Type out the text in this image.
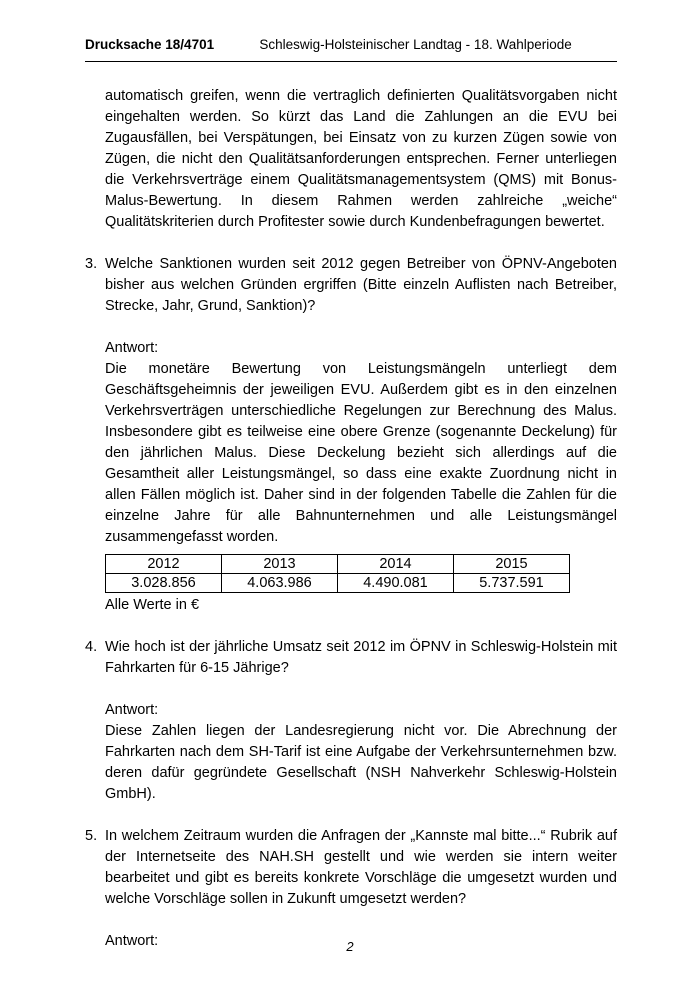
Drucksache 18/4701	Schleswig-Holsteinischer Landtag - 18. Wahlperiode

automatisch greifen, wenn die vertraglich definierten Qualitätsvorgaben nicht eingehalten werden. So kürzt das Land die Zahlungen an die EVU bei Zugausfällen, bei Verspätungen, bei Einsatz von zu kurzen Zügen sowie von Zügen, die nicht den Qualitätsanforderungen entsprechen. Ferner unterliegen die Verkehrsverträge einem Qualitätsmanagementsystem (QMS) mit Bonus-Malus-Bewertung. In diesem Rahmen werden zahlreiche „weiche“ Qualitätskriterien durch Profitester sowie durch Kundenbefragungen bewertet.

3. Welche Sanktionen wurden seit 2012 gegen Betreiber von ÖPNV-Angeboten bisher aus welchen Gründen ergriffen (Bitte einzeln Auflisten nach Betreiber, Strecke, Jahr, Grund, Sanktion)?

Antwort:

Die monetäre Bewertung von Leistungsmängeln unterliegt dem Geschäftsgeheimnis der jeweiligen EVU. Außerdem gibt es in den einzelnen Verkehrsverträgen unterschiedliche Regelungen zur Berechnung des Malus. Insbesondere gibt es teilweise eine obere Grenze (sogenannte Deckelung) für den jährlichen Malus. Diese Deckelung bezieht sich allerdings auf die Gesamtheit aller Leistungsmängel, so dass eine exakte Zuordnung nicht in allen Fällen möglich ist. Daher sind in der folgenden Tabelle die Zahlen für die einzelne Jahre für alle Bahnunternehmen und alle Leistungsmängel zusammengefasst worden.

2012	2013	2014	2015
3.028.856	4.063.986	4.490.081	5.737.591

Alle Werte in €

4. Wie hoch ist der jährliche Umsatz seit 2012 im ÖPNV in Schleswig-Holstein mit Fahrkarten für 6-15 Jährige?

Antwort:

Diese Zahlen liegen der Landesregierung nicht vor. Die Abrechnung der Fahrkarten nach dem SH-Tarif ist eine Aufgabe der Verkehrsunternehmen bzw. deren dafür gegründete Gesellschaft (NSH Nahverkehr Schleswig-Holstein GmbH).

5. In welchem Zeitraum wurden die Anfragen der „Kannste mal bitte...“ Rubrik auf der Internetseite des NAH.SH gestellt und wie werden sie intern weiter bearbeitet und gibt es bereits konkrete Vorschläge die umgesetzt wurden und welche Vorschläge sollen in Zukunft umgesetzt werden?

Antwort:	2
